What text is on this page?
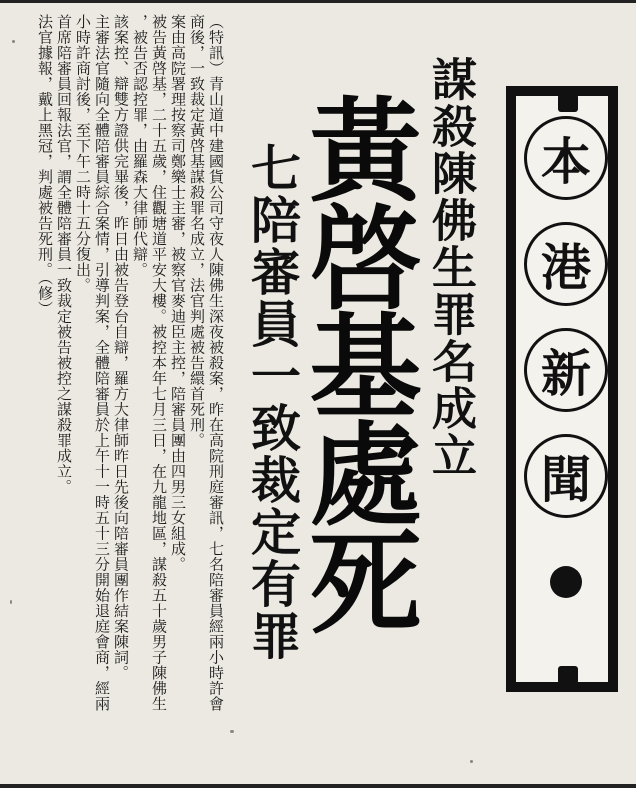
本
港
新
聞
謀殺陳佛生罪名成立
黃啓基處死
七陪審員一致裁定有罪
（特訊）青山道中建國貨公司守夜人陳佛生深夜被殺案，昨在高院刑庭審訊，七名陪審員經兩小時許會
商後，一致裁定黃啓基謀殺罪名成立，法官判處被告繯首死刑。
案由高院署理按察司鄭樂士主審，被察官麥迪臣主控，陪審員團由四男三女組成。
被告黃啓基，二十五歲，住觀塘道平安大樓。被控本年七月三日，在九龍地區，謀殺五十歲男子陳佛生
，被告否認控罪，由羅森大律師代辯。
該案控、辯雙方證供完畢後，昨日由被告登台自辯，羅方大律師昨日先後向陪審員團作結案陳詞。
主審法官隨向全體陪審員綜合案情，引導判案，全體陪審員於上午十一時五十三分開始退庭會商，經兩
小時許商討後，至下午二時十五分復出。
首席陪審員回報法官，謂全體陪審員一致裁定被告被控之謀殺罪成立。
法官據報，戴上黑冠，判處被告死刑。（修）
